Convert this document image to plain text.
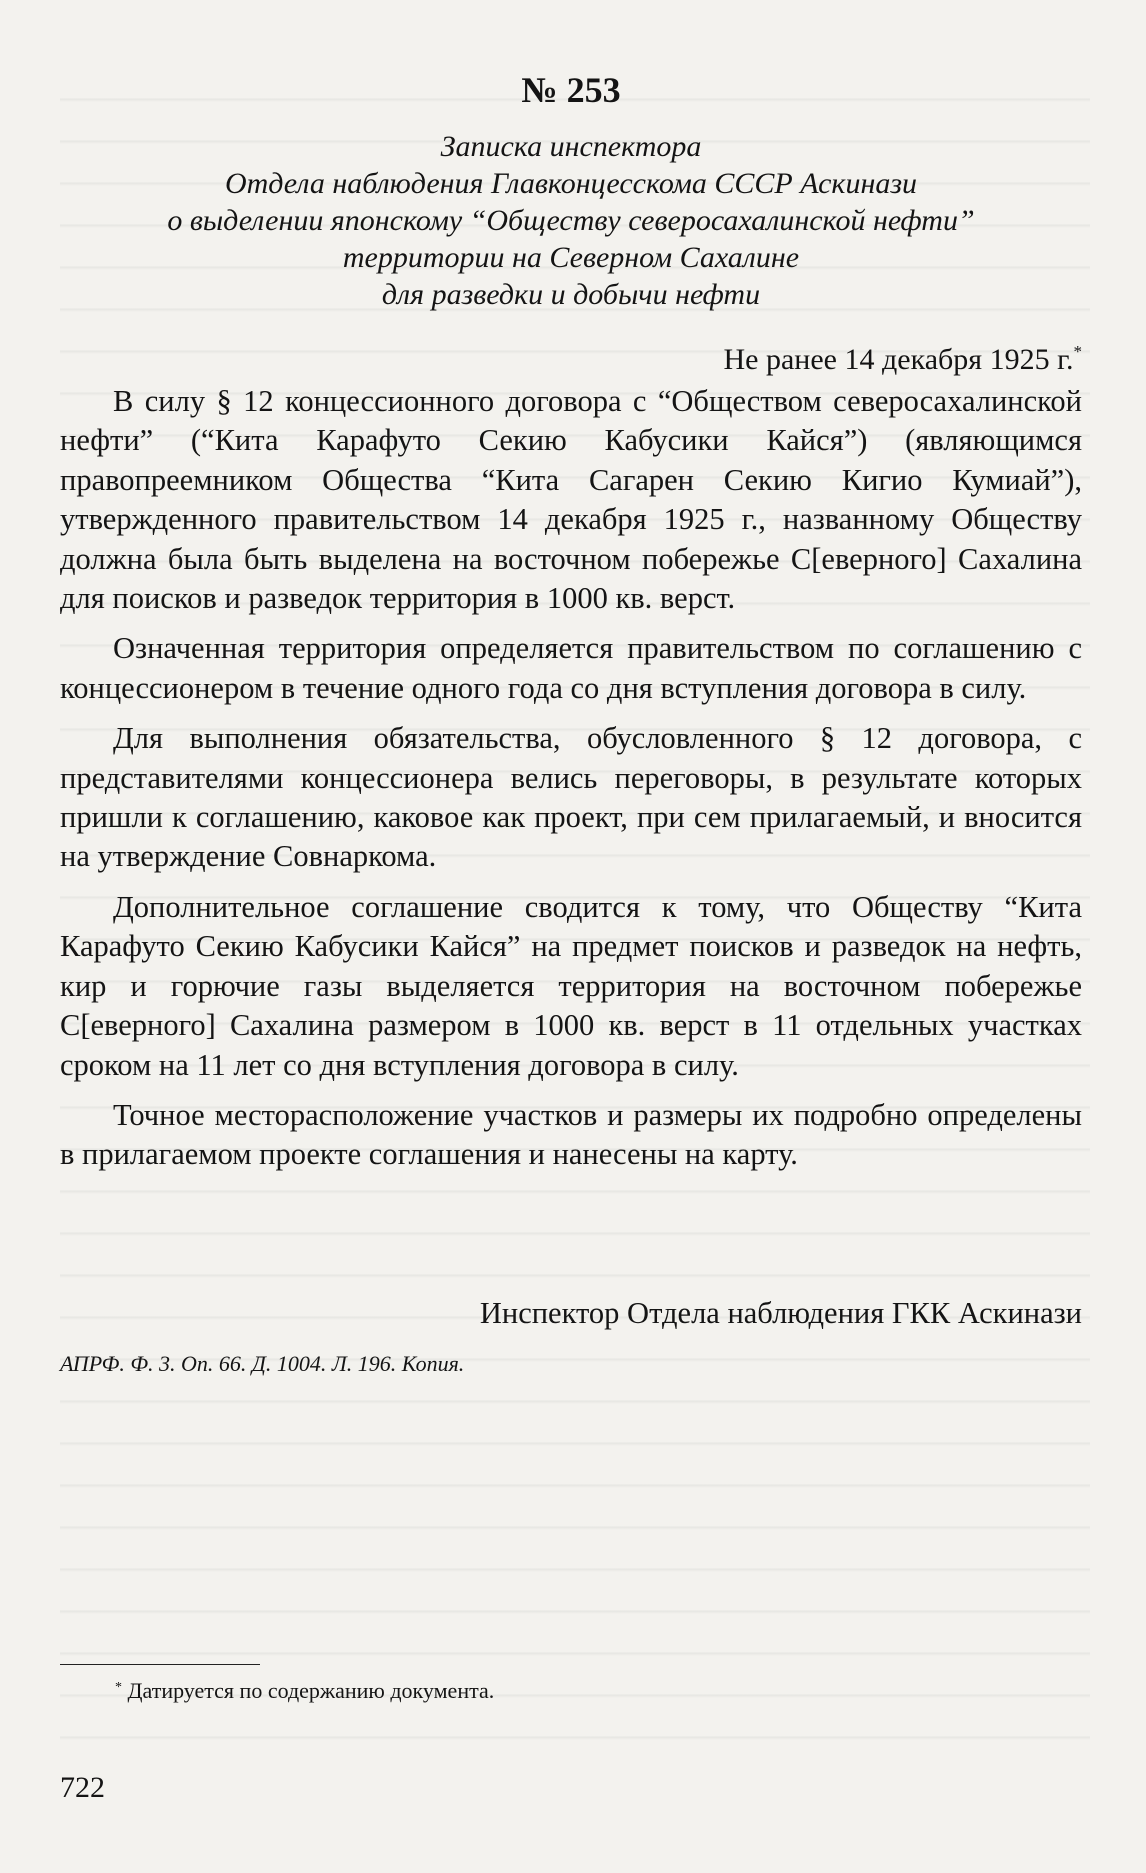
№ 253
Записка инспектора
Отдела наблюдения Главконцесскома СССР Аскинази
о выделении японскому “Обществу северосахалинской нефти”
территории на Северном Сахалине
для разведки и добычи нефти
Не ранее 14 декабря 1925 г.*

В силу § 12 концессионного договора с “Обществом северосахалинской нефти” (“Кита Карафуто Секию Кабусики Кайся”) (являющимся правопреемником Общества “Кита Сагарен Секию Кигио Кумиай”), утвержденного правительством 14 декабря 1925 г., названному Обществу должна была быть выделена на восточном побережье С[еверного] Сахалина для поисков и разведок территория в 1000 кв. верст.

Означенная территория определяется правительством по соглашению с концессионером в течение одного года со дня вступления договора в силу.

Для выполнения обязательства, обусловленного § 12 договора, с представителями концессионера велись переговоры, в результате которых пришли к соглашению, каковое как проект, при сем прилагаемый, и вносится на утверждение Совнаркома.

Дополнительное соглашение сводится к тому, что Обществу “Кита Карафуто Секию Кабусики Кайся” на предмет поисков и разведок на нефть, кир и горючие газы выделяется территория на восточном побережье С[еверного] Сахалина размером в 1000 кв. верст в 11 отдельных участках сроком на 11 лет со дня вступления договора в силу.

Точное месторасположение участков и размеры их подробно определены в прилагаемом проекте соглашения и нанесены на карту.

Инспектор Отдела наблюдения ГКК Аскинази
АПРФ. Ф. 3. Оп. 66. Д. 1004. Л. 196. Копия.
* Датируется по содержанию документа.
722
